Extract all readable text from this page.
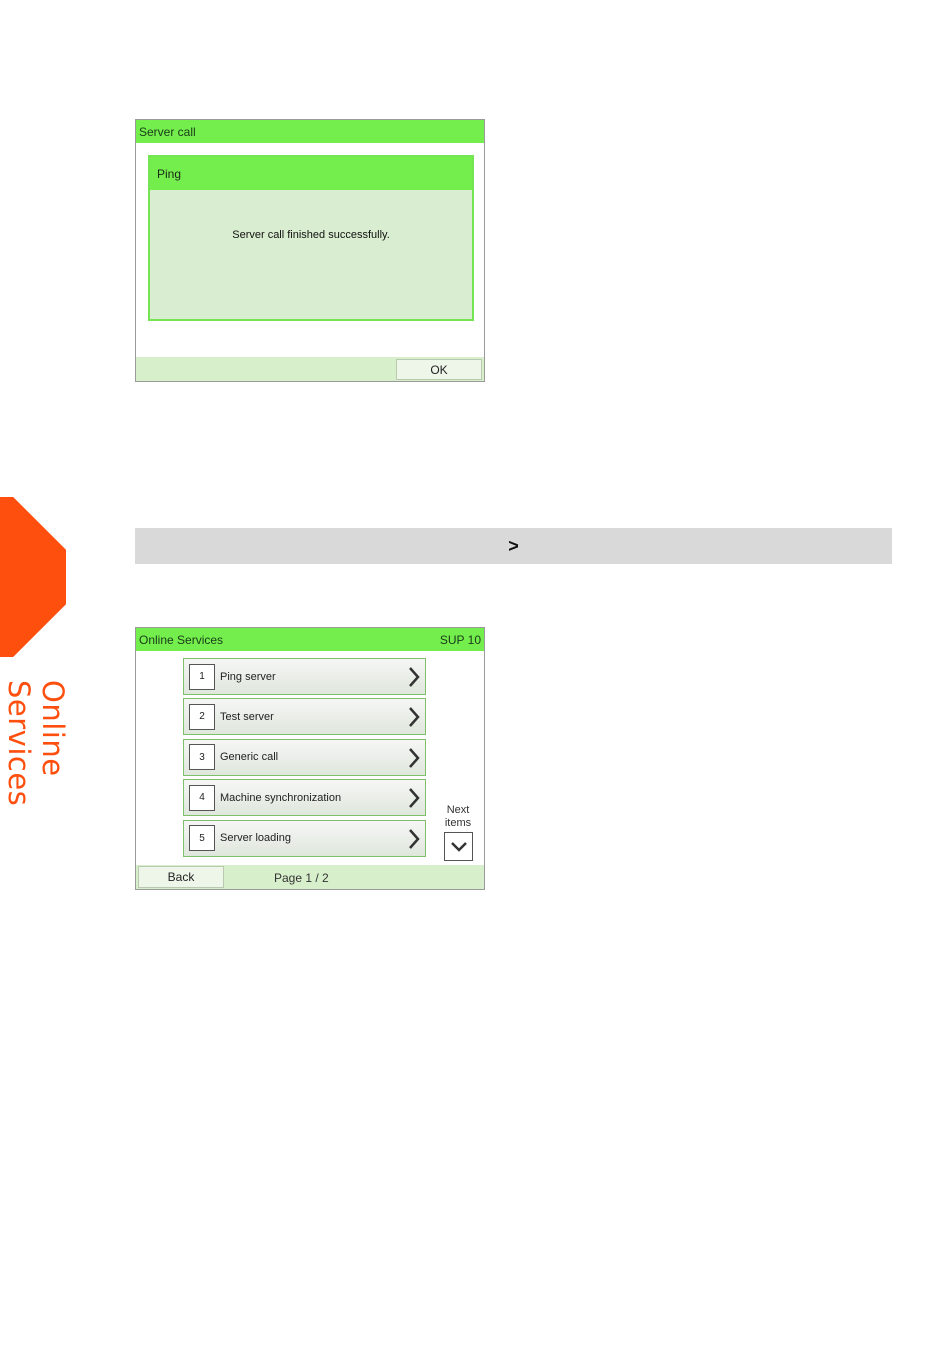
Online Services
Server call
Ping
Server call finished successfully.
OK
>
Online Services	SUP 10
1	Ping server
2	Test server
3	Generic call
4	Machine synchronization
5	Server loading
Next
items
Back	Page 1 / 2
